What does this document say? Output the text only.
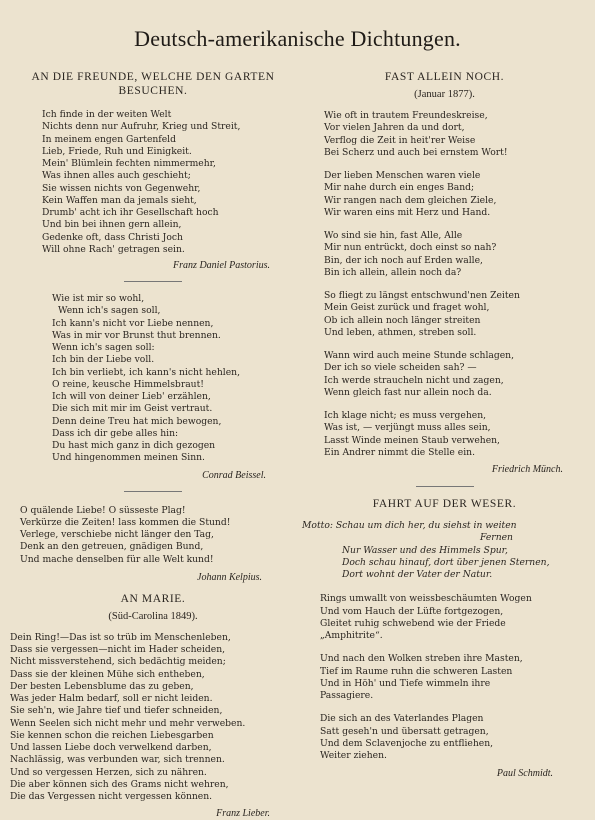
Deutsch-amerikanische Dichtungen.
AN DIE FREUNDE, WELCHE DEN GARTEN
BESUCHEN.
Ich finde in der weiten Welt
Nichts denn nur Aufruhr, Krieg und Streit,
In meinem engen Gartenfeld
Lieb, Friede, Ruh und Einigkeit.
Mein' Blümlein fechten nimmermehr,
Was ihnen alles auch geschieht;
Sie wissen nichts von Gegenwehr,
Kein Waffen man da jemals sieht,
Drumb' acht ich ihr Gesellschaft hoch
Und bin bei ihnen gern allein,
Gedenke oft, dass Christi Joch
Will ohne Rach' getragen sein.
Franz Daniel Pastorius.
Wie ist mir so wohl,
Wenn ich's sagen soll,
Ich kann's nicht vor Liebe nennen,
Was in mir vor Brunst thut brennen.
Wenn ich's sagen soll:
Ich bin der Liebe voll.
Ich bin verliebt, ich kann's nicht hehlen,
O reine, keusche Himmelsbraut!
Ich will von deiner Lieb' erzählen,
Die sich mit mir im Geist vertraut.
Denn deine Treu hat mich bewogen,
Dass ich dir gebe alles hin:
Du hast mich ganz in dich gezogen
Und hingenommen meinen Sinn.
Conrad Beissel.
O quälende Liebe! O süsseste Plag!
Verkürze die Zeiten! lass kommen die Stund!
Verlege, verschiebe nicht länger den Tag,
Denk an den getreuen, gnädigen Bund,
Und mache denselben für alle Welt kund!
Johann Kelpius.
AN MARIE.
(Süd-Carolina 1849).
Dein Ring!—Das ist so trüb im Menschenleben,
Dass sie vergessen—nicht im Hader scheiden,
Nicht missverstehend, sich bedächtig meiden;
Dass sie der kleinen Mühe sich entheben,
Der besten Lebensblume das zu geben,
Was jeder Halm bedarf, soll er nicht leiden.
Sie seh'n, wie Jahre tief und tiefer schneiden,
Wenn Seelen sich nicht mehr und mehr verweben.
Sie kennen schon die reichen Liebesgarben
Und lassen Liebe doch verwelkend darben,
Nachlässig, was verbunden war, sich trennen.
Und so vergessen Herzen, sich zu nähren.
Die aber können sich des Grams nicht wehren,
Die das Vergessen nicht vergessen können.
Franz Lieber.
FAST ALLEIN NOCH.
(Januar 1877).
Wie oft in trautem Freundeskreise,
Vor vielen Jahren da und dort,
Verflog die Zeit in heit'rer Weise
Bei Scherz und auch bei ernstem Wort!
Der lieben Menschen waren viele
Mir nahe durch ein enges Band;
Wir rangen nach dem gleichen Ziele,
Wir waren eins mit Herz und Hand.
Wo sind sie hin, fast Alle, Alle
Mir nun entrückt, doch einst so nah?
Bin, der ich noch auf Erden walle,
Bin ich allein, allein noch da?
So fliegt zu längst entschwund'nen Zeiten
Mein Geist zurück und fraget wohl,
Ob ich allein noch länger streiten
Und leben, athmen, streben soll.
Wann wird auch meine Stunde schlagen,
Der ich so viele scheiden sah? —
Ich werde straucheln nicht und zagen,
Wenn gleich fast nur allein noch da.
Ich klage nicht; es muss vergehen,
Was ist, — verjüngt muss alles sein,
Lasst Winde meinen Staub verwehen,
Ein Andrer nimmt die Stelle ein.
Friedrich Münch.
FAHRT AUF DER WESER.
Motto: Schau um dich her, du siehst in weiten
Fernen
Nur Wasser und des Himmels Spur,
Doch schau hinauf, dort über jenen Sternen,
Dort wohnt der Vater der Natur.
Rings umwallt von weissbeschäumten Wogen
Und vom Hauch der Lüfte fortgezogen,
Gleitet ruhig schwebend wie der Friede
„Amphitrite“.
Und nach den Wolken streben ihre Masten,
Tief im Raume ruhn die schweren Lasten
Und in Höh' und Tiefe wimmeln ihre
Passagiere.
Die sich an des Vaterlandes Plagen
Satt geseh'n und übersatt getragen,
Und dem Sclavenjoche zu entfliehen,
Weiter ziehen.
Paul Schmidt.
